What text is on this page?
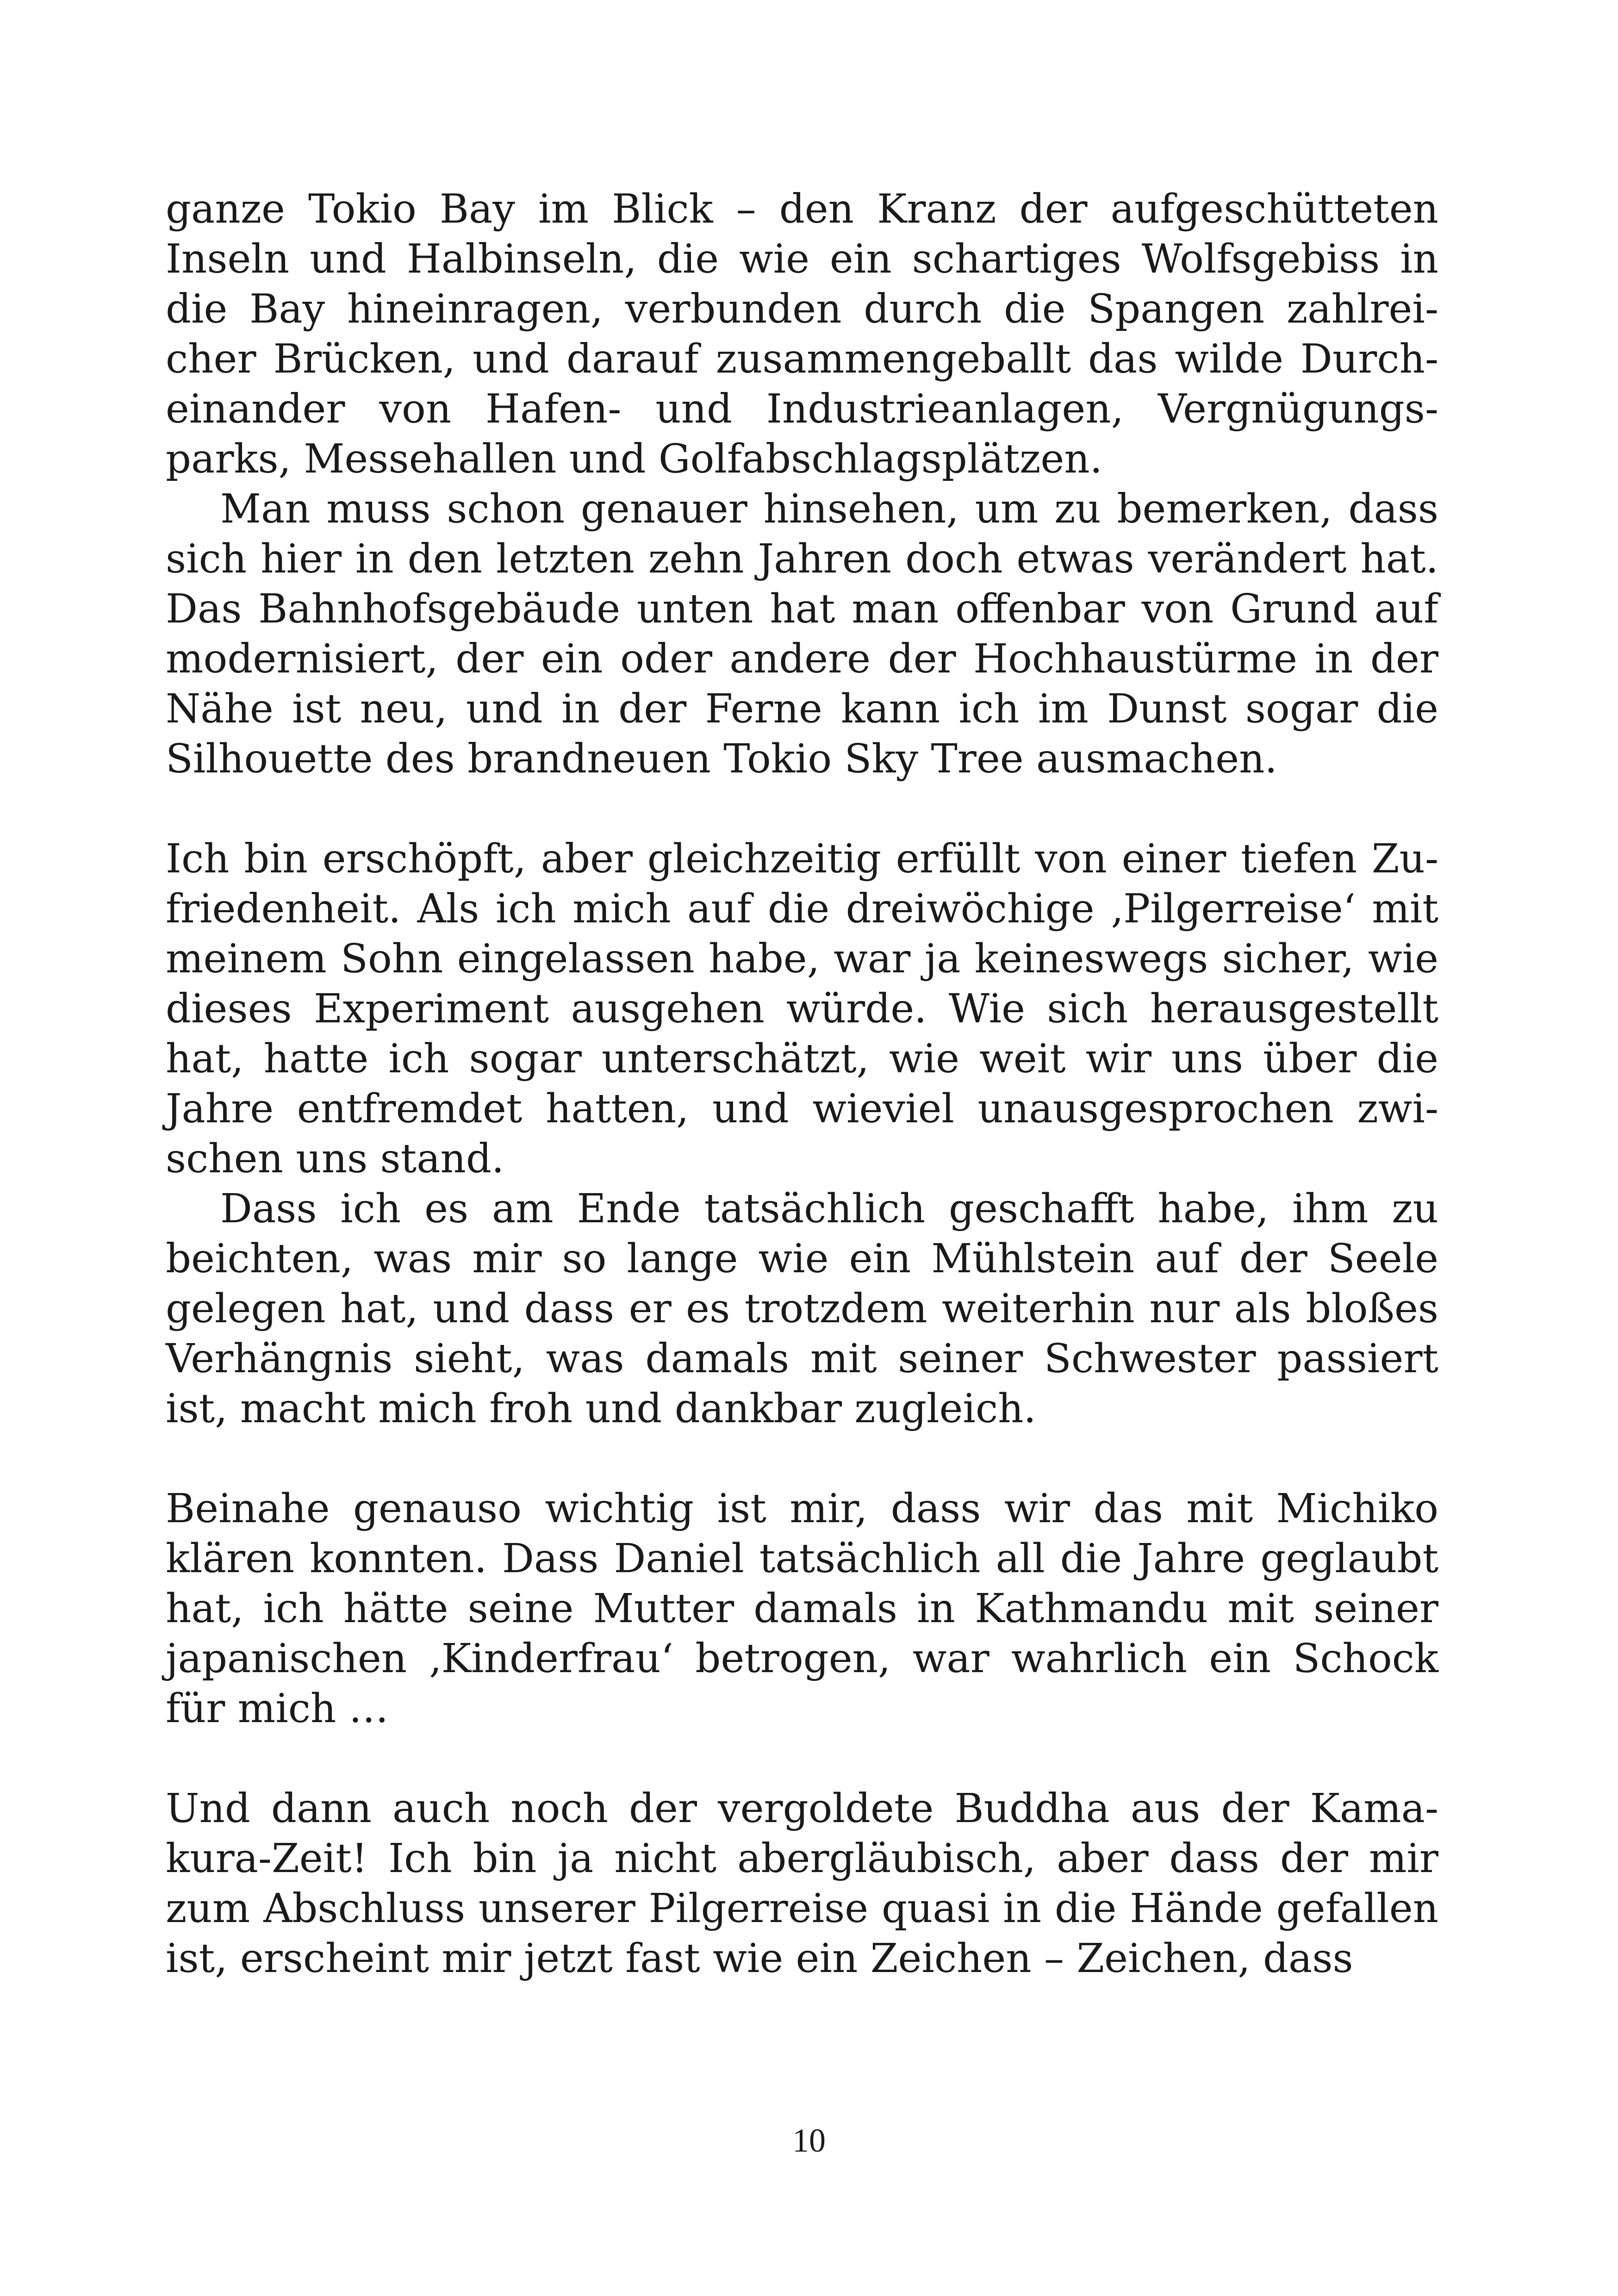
ganze Tokio Bay im Blick – den Kranz der aufgeschütteten Inseln und Halbinseln, die wie ein schartiges Wolfsgebiss in die Bay hineinragen, verbunden durch die Spangen zahlreicher Brücken, und darauf zusammengeballt das wilde Durcheinander von Hafen- und Industrieanlagen, Vergnügungsparks, Messehallen und Golfabschlagsplätzen.

Man muss schon genauer hinsehen, um zu bemerken, dass sich hier in den letzten zehn Jahren doch etwas verändert hat. Das Bahnhofsgebäude unten hat man offenbar von Grund auf modernisiert, der ein oder andere der Hochhaustürme in der Nähe ist neu, und in der Ferne kann ich im Dunst sogar die Silhouette des brandneuen Tokio Sky Tree ausmachen.

Ich bin erschöpft, aber gleichzeitig erfüllt von einer tiefen Zufriedenheit. Als ich mich auf die dreiwöchige ‚Pilgerreise‘ mit meinem Sohn eingelassen habe, war ja keineswegs sicher, wie dieses Experiment ausgehen würde. Wie sich herausgestellt hat, hatte ich sogar unterschätzt, wie weit wir uns über die Jahre entfremdet hatten, und wieviel unausgesprochen zwischen uns stand.

Dass ich es am Ende tatsächlich geschafft habe, ihm zu beichten, was mir so lange wie ein Mühlstein auf der Seele gelegen hat, und dass er es trotzdem weiterhin nur als bloßes Verhängnis sieht, was damals mit seiner Schwester passiert ist, macht mich froh und dankbar zugleich.

Beinahe genauso wichtig ist mir, dass wir das mit Michiko klären konnten. Dass Daniel tatsächlich all die Jahre geglaubt hat, ich hätte seine Mutter damals in Kathmandu mit seiner japanischen ‚Kinderfrau‘ betrogen, war wahrlich ein Schock für mich …

Und dann auch noch der vergoldete Buddha aus der Kamakura-Zeit! Ich bin ja nicht abergläubisch, aber dass der mir zum Abschluss unserer Pilgerreise quasi in die Hände gefallen ist, erscheint mir jetzt fast wie ein Zeichen – Zeichen, dass

10
